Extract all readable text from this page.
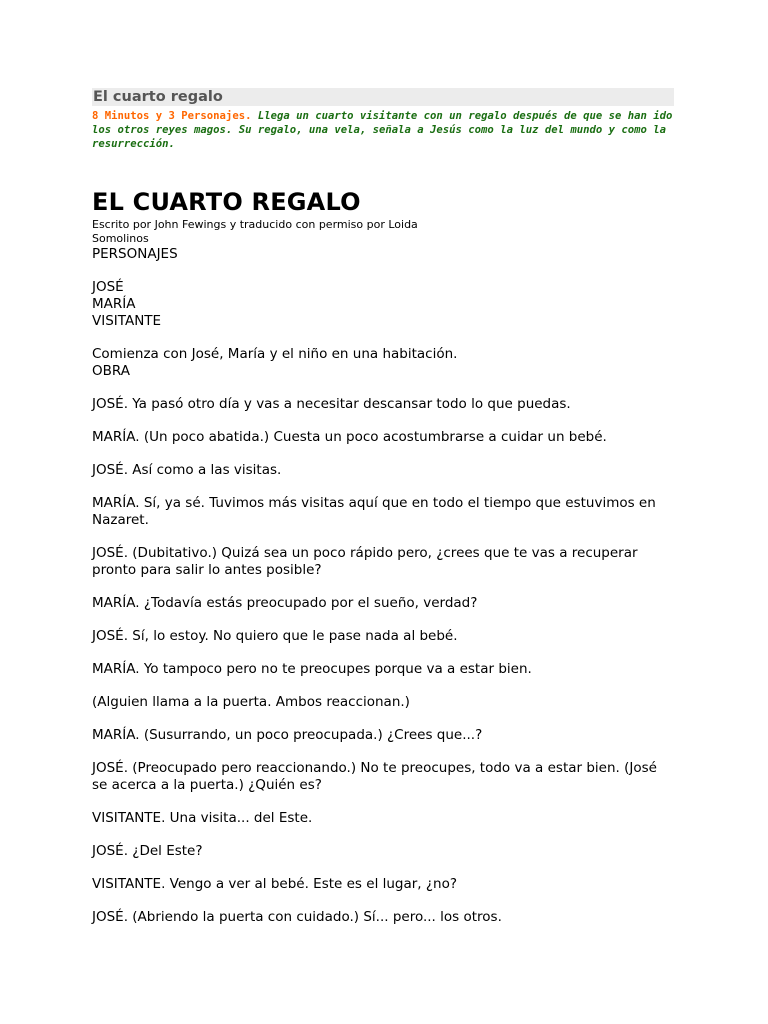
El cuarto regalo
8 Minutos y 3 Personajes. Llega un cuarto visitante con un regalo después de que se han ido los otros reyes magos. Su regalo, una vela, señala a Jesús como la luz del mundo y como la resurrección.
EL CUARTO REGALO
Escrito por John Fewings y traducido con permiso por Loida Somolinos

PERSONAJES

JOSÉ

MARÍA

VISITANTE

Comienza con José, María y el niño en una habitación.

OBRA

JOSÉ. Ya pasó otro día y vas a necesitar descansar todo lo que puedas.

MARÍA. (Un poco abatida.) Cuesta un poco acostumbrarse a cuidar un bebé.

JOSÉ. Así como a las visitas.

MARÍA. Sí, ya sé. Tuvimos más visitas aquí que en todo el tiempo que estuvimos en Nazaret.

JOSÉ. (Dubitativo.) Quizá sea un poco rápido pero, ¿crees que te vas a recuperar pronto para salir lo antes posible?

MARÍA. ¿Todavía estás preocupado por el sueño, verdad?

JOSÉ. Sí, lo estoy. No quiero que le pase nada al bebé.

MARÍA. Yo tampoco pero no te preocupes porque va a estar bien.

(Alguien llama a la puerta. Ambos reaccionan.)

MARÍA. (Susurrando, un poco preocupada.) ¿Crees que...?

JOSÉ. (Preocupado pero reaccionando.) No te preocupes, todo va a estar bien. (José se acerca a la puerta.) ¿Quién es?

VISITANTE. Una visita... del Este.

JOSÉ. ¿Del Este?

VISITANTE. Vengo a ver al bebé. Este es el lugar, ¿no?

JOSÉ. (Abriendo la puerta con cuidado.) Sí... pero... los otros.
